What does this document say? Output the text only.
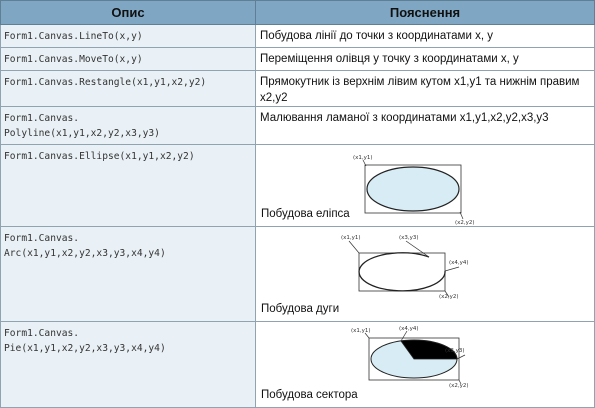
Опис	Пояснення
Form1.Canvas.LineTo(x,y)	Побудова лінії до точки з координатами x, y
Form1.Canvas.MoveTo(x,y)	Переміщення олівця у точку з координатами x, y
Form1.Canvas.Restangle(x1,y1,x2,y2)	Прямокутник із верхнім лівим кутом x1,y1 та нижнім правим x2,y2
Form1.Canvas.
Polyline(x1,y1,x2,y2,x3,y3)	Малювання ламаної з координатами x1,y1,x2,y2,x3,y3
Form1.Canvas.Ellipse(x1,y1,x2,y2)	(x1,y1)
(x2,y2)
Побудова еліпса

Form1.Canvas.
Arc(x1,y1,x2,y2,x3,y3,x4,y4)	(x1,y1) (x3,y3)
(x4,y4)
(x2,y2)
Побудова дуги

Form1.Canvas.
Pie(x1,y1,x2,y2,x3,y3,x4,y4)	(x4,y4)
(x1,y1)
(x3,y3)
(x2,y2)
Побудова сектора
